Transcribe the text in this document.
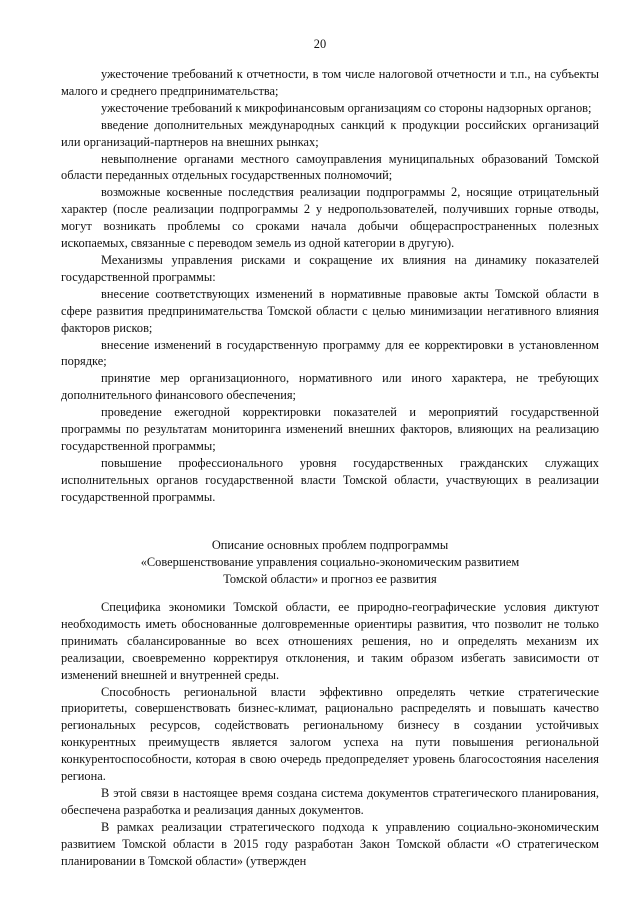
20

ужесточение требований к отчетности, в том числе налоговой отчетности и т.п., на субъекты малого и среднего предпринимательства;

ужесточение требований к микрофинансовым организациям со стороны надзорных органов;

введение дополнительных международных санкций к продукции российских организаций или организаций-партнеров на внешних рынках;

невыполнение органами местного самоуправления муниципальных образований Томской области переданных отдельных государственных полномочий;

возможные косвенные последствия реализации подпрограммы 2, носящие отрицательный характер (после реализации подпрограммы 2 у недропользователей, получивших горные отводы, могут возникать проблемы со сроками начала добычи общераспространенных полезных ископаемых, связанные с переводом земель из одной категории в другую).

Механизмы управления рисками и сокращение их влияния на динамику показателей государственной программы:

внесение соответствующих изменений в нормативные правовые акты Томской области в сфере развития предпринимательства Томской области с целью минимизации негативного влияния факторов рисков;

внесение изменений в государственную программу для ее корректировки в установленном порядке;

принятие мер организационного, нормативного или иного характера, не требующих дополнительного финансового обеспечения;

проведение ежегодной корректировки показателей и мероприятий государственной программы по результатам мониторинга изменений внешних факторов, влияющих на реализацию государственной программы;

повышение профессионального уровня государственных гражданских служащих исполнительных органов государственной власти Томской области, участвующих в реализации государственной программы.

Описание основных проблем подпрограммы
«Совершенствование управления социально-экономическим развитием
Томской области» и прогноз ее развития

Специфика экономики Томской области, ее природно-географические условия диктуют необходимость иметь обоснованные долговременные ориентиры развития, что позволит не только принимать сбалансированные во всех отношениях решения, но и определять механизм их реализации, своевременно корректируя отклонения, и таким образом избегать зависимости от изменений внешней и внутренней среды.

Способность региональной власти эффективно определять четкие стратегические приоритеты, совершенствовать бизнес-климат, рационально распределять и повышать качество региональных ресурсов, содействовать региональному бизнесу в создании устойчивых конкурентных преимуществ является залогом успеха на пути повышения региональной конкурентоспособности, которая в свою очередь предопределяет уровень благосостояния населения региона.

В этой связи в настоящее время создана система документов стратегического планирования, обеспечена разработка и реализация данных документов.

В рамках реализации стратегического подхода к управлению социально-экономическим развитием Томской области в 2015 году разработан Закон Томской области «О стратегическом планировании в Томской области» (утвержден
